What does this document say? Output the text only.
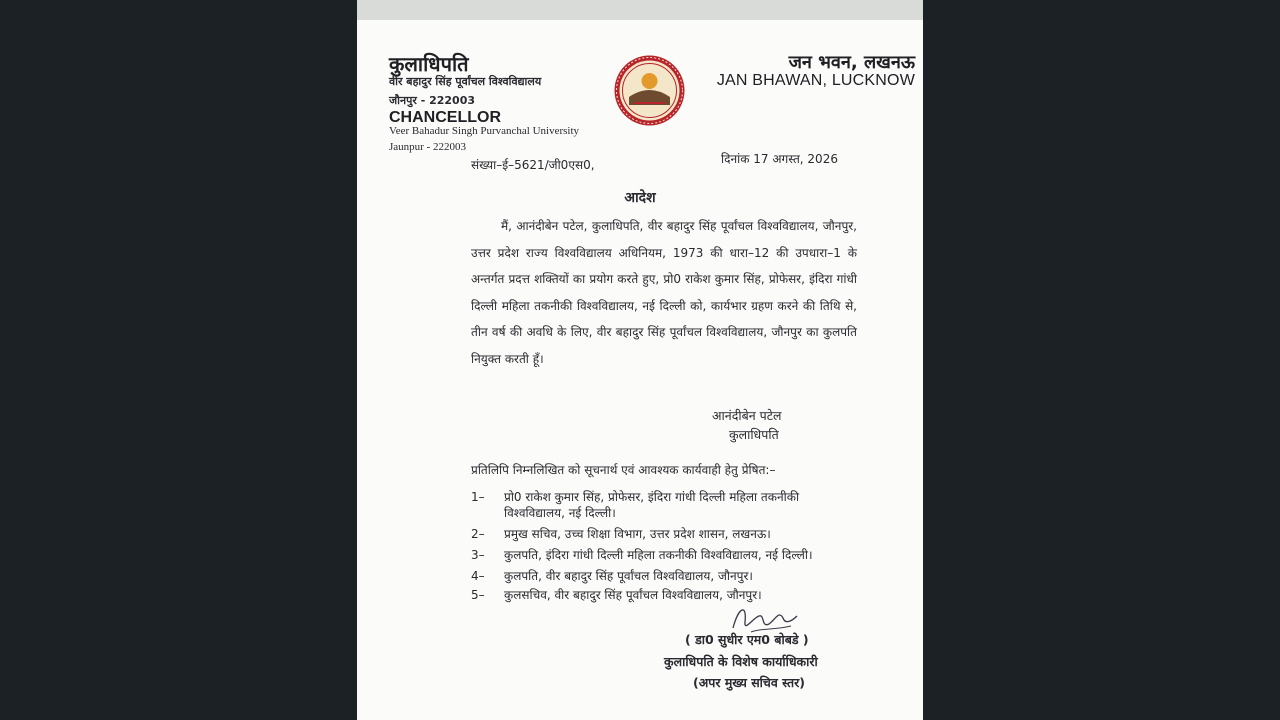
कुलाधिपति
वीर बहादुर सिंह पूर्वांचल विश्वविद्यालय
जौनपुर - 222003
CHANCELLOR
Veer Bahadur Singh Purvanchal University
Jaunpur - 222003
जन भवन, लखनऊ
JAN BHAWAN, LUCKNOW
संख्या–ई–5621/जी0एस0,	दिनांक 17 अगस्त, 2026
आदेश
मैं, आनंदीबेन पटेल, कुलाधिपति, वीर बहादुर सिंह पूर्वांचल विश्वविद्यालय, जौनपुर, उत्तर प्रदेश राज्य विश्वविद्यालय अधिनियम, 1973 की धारा–12 की उपधारा–1 के अन्तर्गत प्रदत्त शक्तियों का प्रयोग करते हुए, प्रो0 राकेश कुमार सिंह, प्रोफेसर, इंदिरा गांधी दिल्ली महिला तकनीकी विश्वविद्यालय, नई दिल्ली को, कार्यभार ग्रहण करने की तिथि से, तीन वर्ष की अवधि के लिए, वीर बहादुर सिंह पूर्वांचल विश्वविद्यालय, जौनपुर का कुलपति नियुक्त करती हूँ।
आनंदीबेन पटेल
कुलाधिपति
प्रतिलिपि निम्नलिखित को सूचनार्थ एवं आवश्यक कार्यवाही हेतु प्रेषित:–
1– प्रो0 राकेश कुमार सिंह, प्रोफेसर, इंदिरा गांधी दिल्ली महिला तकनीकी विश्वविद्यालय, नई दिल्ली।
2– प्रमुख सचिव, उच्च शिक्षा विभाग, उत्तर प्रदेश शासन, लखनऊ।
3– कुलपति, इंदिरा गांधी दिल्ली महिला तकनीकी विश्वविद्यालय, नई दिल्ली।
4– कुलपति, वीर बहादुर सिंह पूर्वांचल विश्वविद्यालय, जौनपुर।
5– कुलसचिव, वीर बहादुर सिंह पूर्वांचल विश्वविद्यालय, जौनपुर।
( डा0 सुधीर एम0 बोबडे )
कुलाधिपति के विशेष कार्याधिकारी
(अपर मुख्य सचिव स्तर)
